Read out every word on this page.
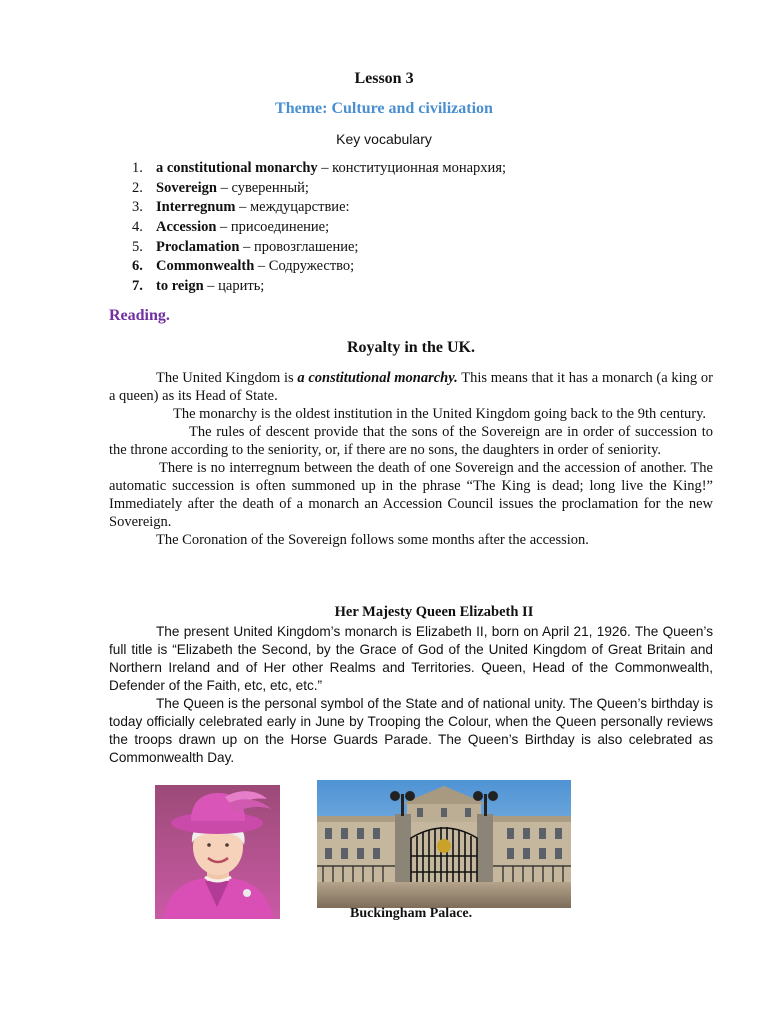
Lesson 3
Theme: Culture and civilization
Key vocabulary
1. a constitutional monarchy – конституционная монархия;
2. Sovereign – суверенный;
3. Interregnum – междуцарствие:
4. Accession – присоединение;
5. Proclamation – провозглашение;
6. Commonwealth – Содружество;
7. to reign – царить;
Reading.
Royalty in the UK.

The United Kingdom is a constitutional monarchy. This means that it has a monarch (a king or a queen) as its Head of State.

The monarchy is the oldest institution in the United Kingdom going back to the 9th century.

The rules of descent provide that the sons of the Sovereign are in order of succession to the throne according to the seniority, or, if there are no sons, the daughters in order of seniority.

There is no interregnum between the death of one Sovereign and the accession of another. The automatic succession is often summoned up in the phrase “The King is dead; long live the King!” Immediately after the death of a monarch an Accession Council issues the proclamation for the new Sovereign.

The Coronation of the Sovereign follows some months after the accession.

Her Majesty Queen Elizabeth II

The present United Kingdom’s monarch is Elizabeth II, born on April 21, 1926. The Queen’s full title is “Elizabeth the Second, by the Grace of God of the United Kingdom of Great Britain and Northern Ireland and of Her other Realms and Territories. Queen, Head of the Commonwealth, Defender of the Faith, etc, etc, etc.”

The Queen is the personal symbol of the State and of national unity. The Queen’s birthday is today officially celebrated early in June by Trooping the Colour, when the Queen personally reviews the troops drawn up on the Horse Guards Parade. The Queen’s Birthday is also celebrated as Commonwealth Day.

Buckingham Palace.
